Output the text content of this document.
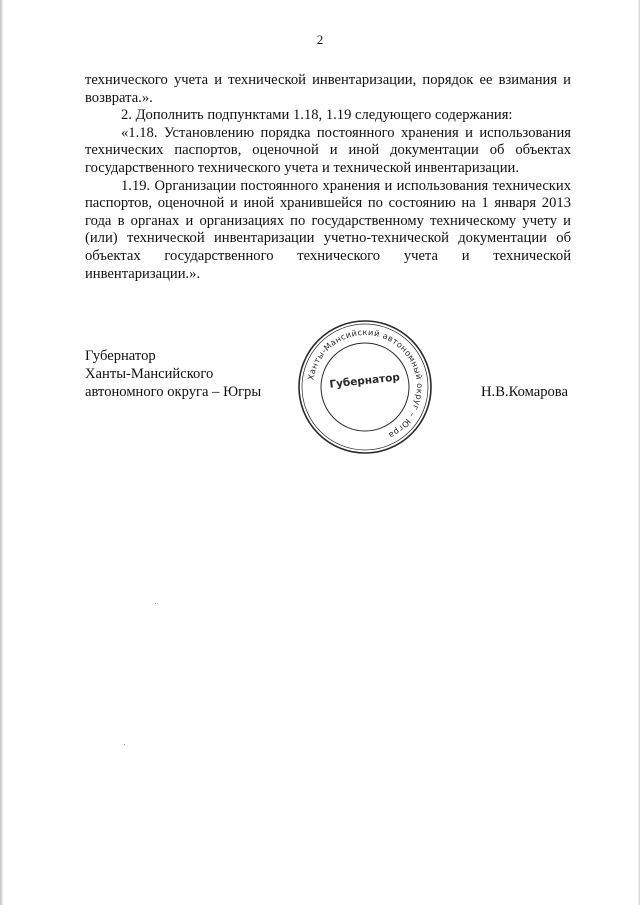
2

технического учета и технической инвентаризации, порядок ее взимания и возврата.».

2. Дополнить подпунктами 1.18, 1.19 следующего содержания:

«1.18. Установлению порядка постоянного хранения и использования технических паспортов, оценочной и иной документации об объектах государственного технического учета и технической инвентаризации.

1.19. Организации постоянного хранения и использования технических паспортов, оценочной и иной хранившейся по состоянию на 1 января 2013 года в органах и организациях по государственному техническому учету и (или) технической инвентаризации учетно-технической документации об объектах государственного технического учета и технической инвентаризации.».

Губернатор
Ханты-Мансийского
автономного округа – Югры	Н.В.Комарова
Ханты-Мансийский автономный округ – Югра
Губернатор
